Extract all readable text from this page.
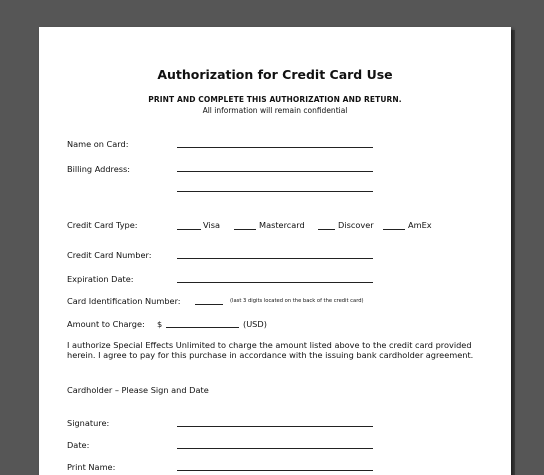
Authorization for Credit Card Use
PRINT AND COMPLETE THIS AUTHORIZATION AND RETURN.
All information will remain confidential
Name on Card:
Billing Address:
Credit Card Type:	Visa	Mastercard	Discover	AmEx
Credit Card Number:
Expiration Date:
Card Identification Number:	(last 3 digits located on the back of the credit card)
Amount to Charge: $	(USD)
I authorize Special Effects Unlimited to charge the amount listed above to the credit card provided herein. I agree to pay for this purchase in accordance with the issuing bank cardholder agreement.
Cardholder – Please Sign and Date
Signature:
Date:
Print Name:
